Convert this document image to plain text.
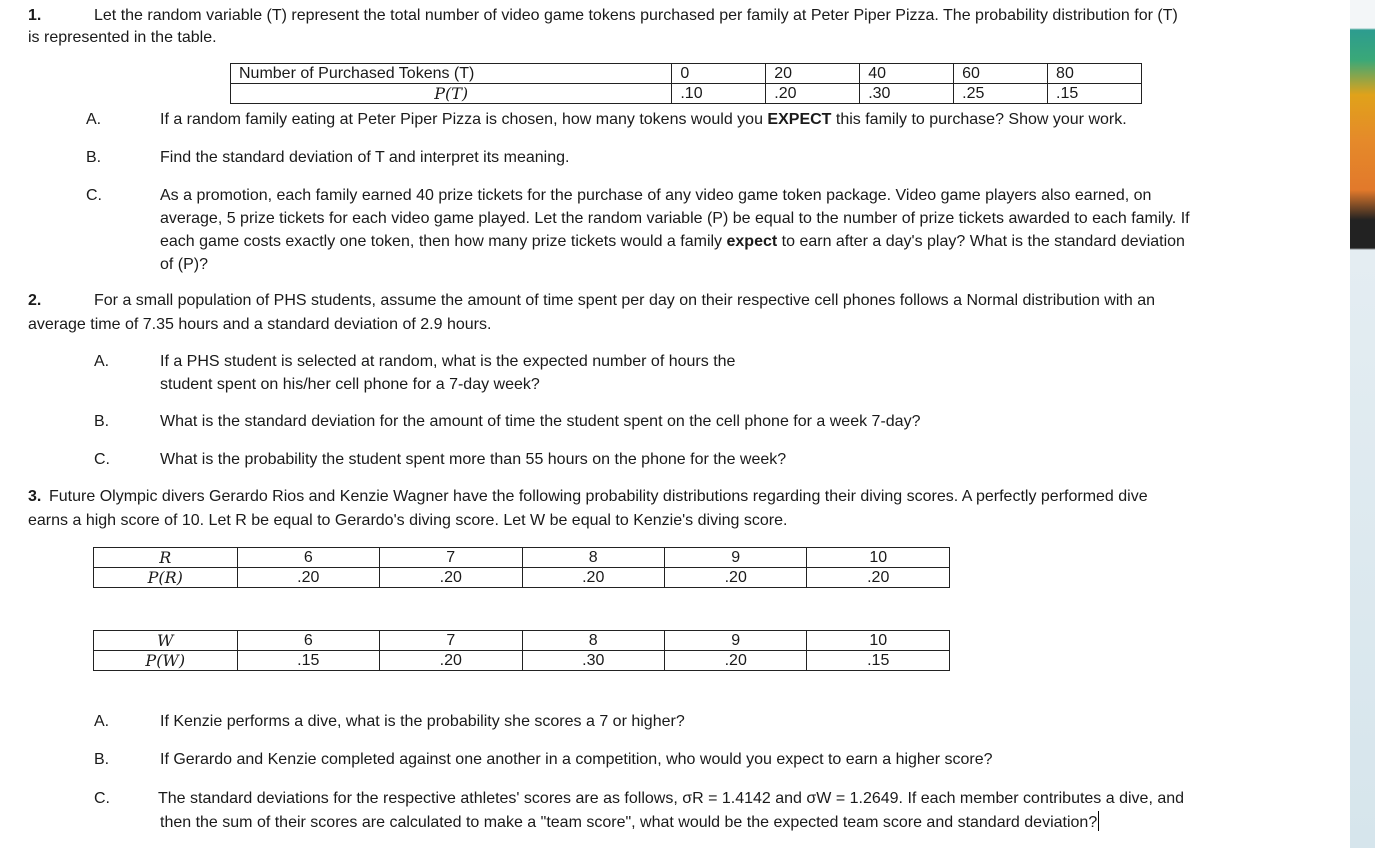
1.	Let the random variable (T) represent the total number of video game tokens purchased per family at Peter Piper Pizza. The probability distribution for (T)
is represented in the table.
Number of Purchased Tokens (T)	0	20	40	60	80
P(T)	.10	.20	.30	.25	.15
A.	If a random family eating at Peter Piper Pizza is chosen, how many tokens would you EXPECT this family to purchase? Show your work.
B.	Find the standard deviation of T and interpret its meaning.
C.	As a promotion, each family earned 40 prize tickets for the purchase of any video game token package. Video game players also earned, on
average, 5 prize tickets for each video game played. Let the random variable (P) be equal to the number of prize tickets awarded to each family. If
each game costs exactly one token, then how many prize tickets would a family expect to earn after a day's play? What is the standard deviation
of (P)?
2.	For a small population of PHS students, assume the amount of time spent per day on their respective cell phones follows a Normal distribution with an
average time of 7.35 hours and a standard deviation of 2.9 hours.
A.	If a PHS student is selected at random, what is the expected number of hours the
student spent on his/her cell phone for a 7-day week?
B.	What is the standard deviation for the amount of time the student spent on the cell phone for a week 7-day?
C.	What is the probability the student spent more than 55 hours on the phone for the week?
3. Future Olympic divers Gerardo Rios and Kenzie Wagner have the following probability distributions regarding their diving scores. A perfectly performed dive
earns a high score of 10. Let R be equal to Gerardo's diving score. Let W be equal to Kenzie's diving score.
R	6	7	8	9	10
P(R)	.20	.20	.20	.20	.20
W	6	7	8	9	10
P(W)	.15	.20	.30	.20	.15
A.	If Kenzie performs a dive, what is the probability she scores a 7 or higher?
B.	If Gerardo and Kenzie completed against one another in a competition, who would you expect to earn a higher score?
C.	The standard deviations for the respective athletes' scores are as follows, σR = 1.4142 and σW = 1.2649. If each member contributes a dive, and
then the sum of their scores are calculated to make a "team score", what would be the expected team score and standard deviation?
